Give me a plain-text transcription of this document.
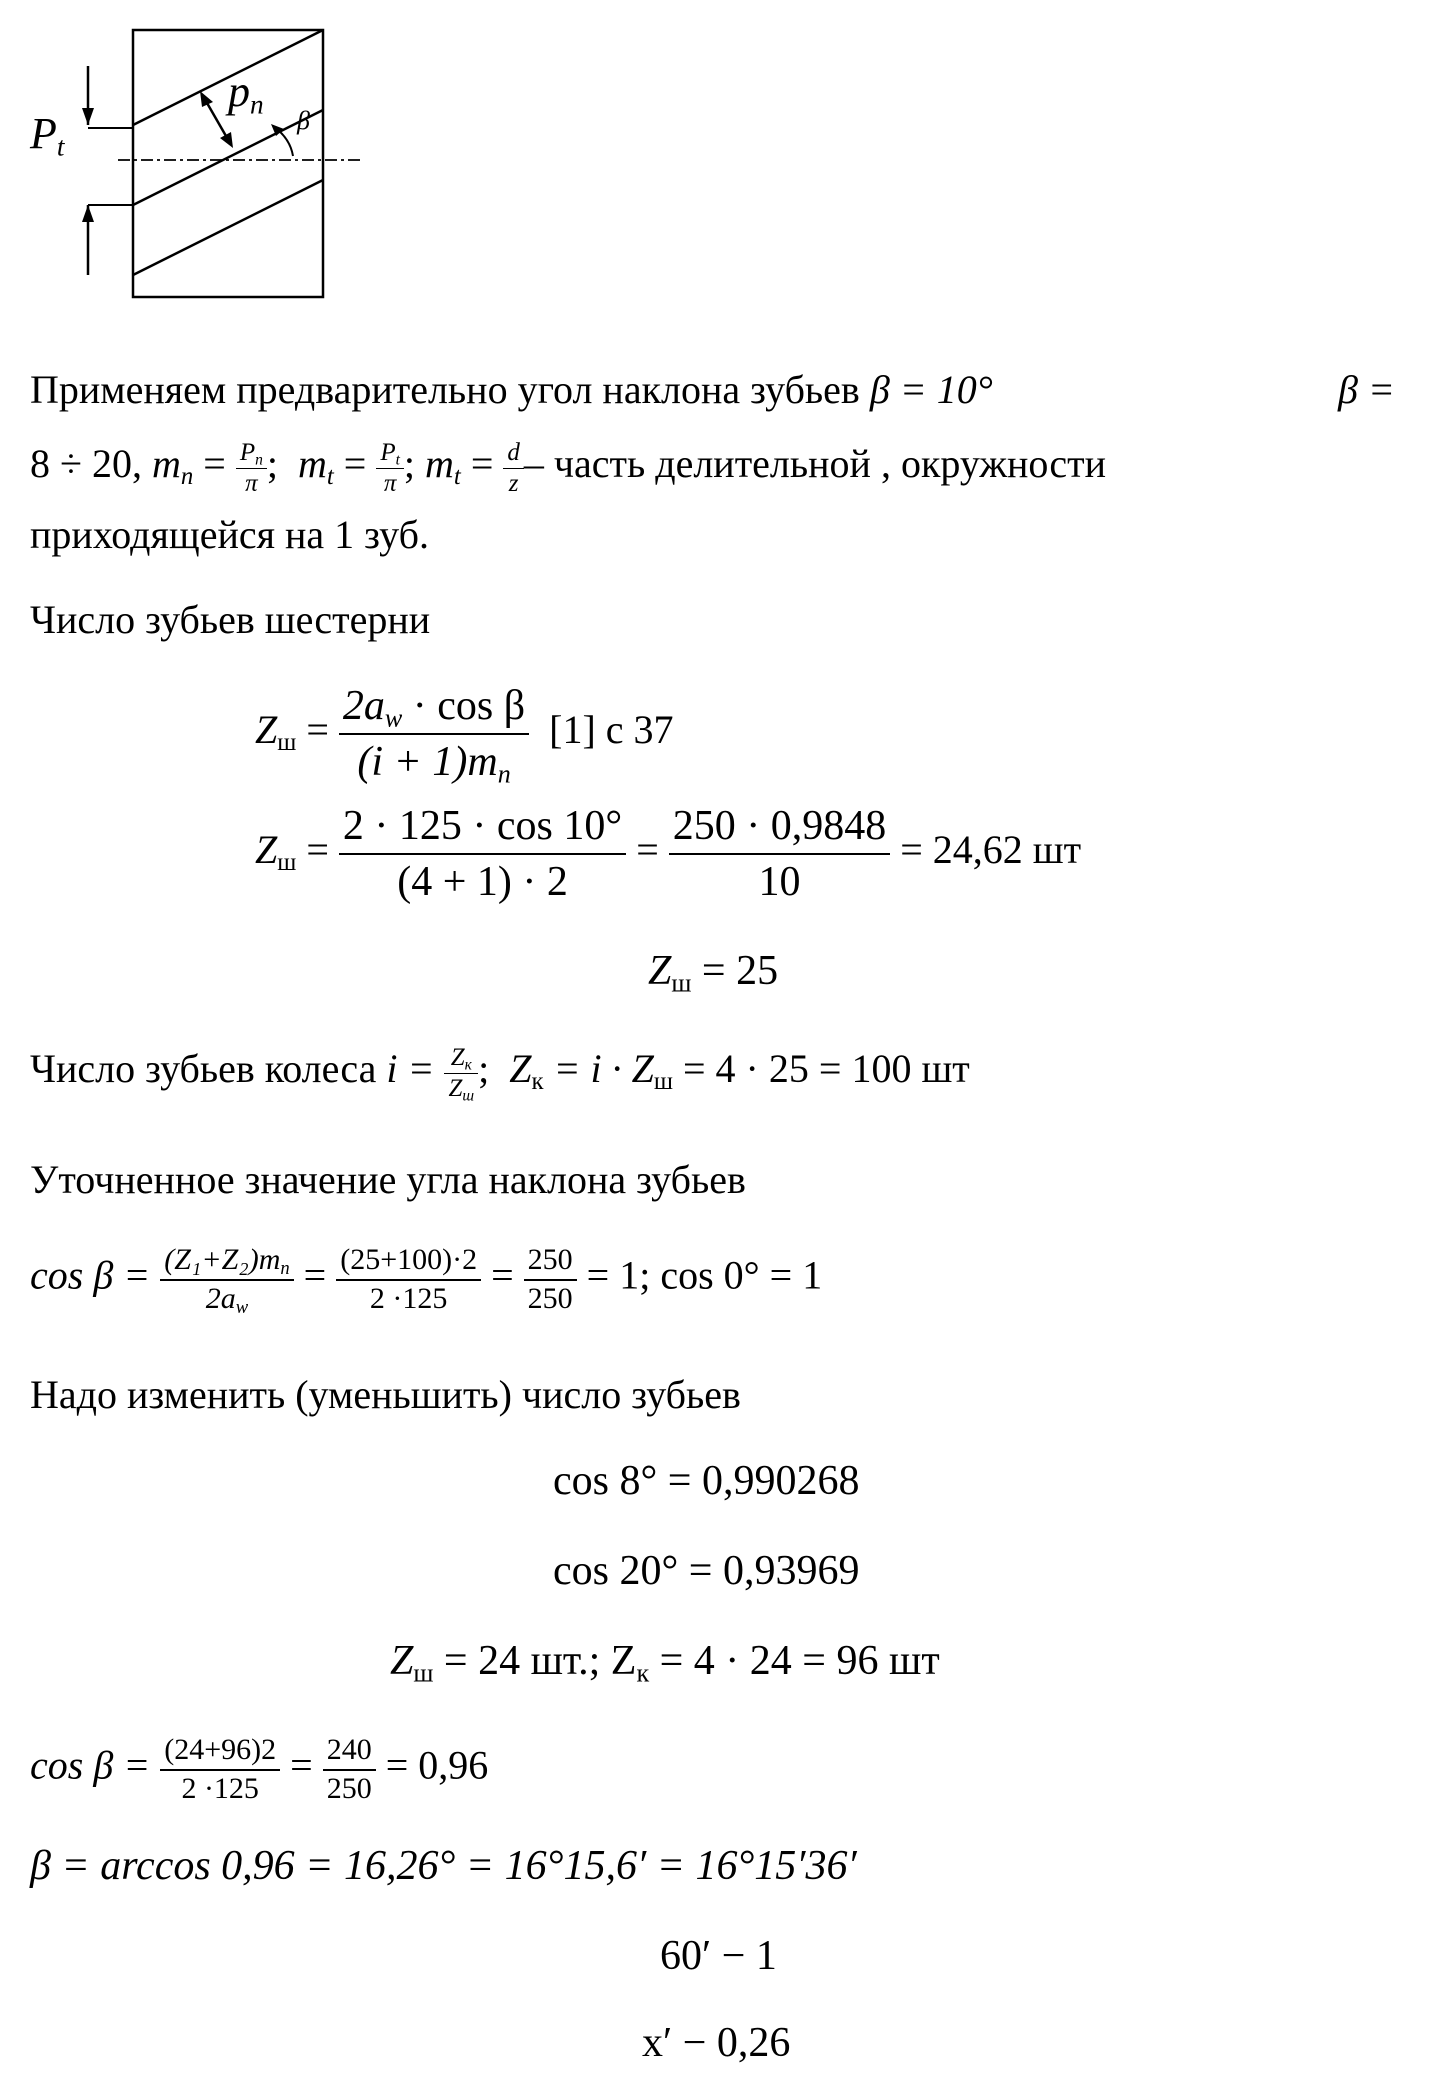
$P_t$
$p_n$
β
Применяем предварительно угол наклона зубьев β = 10°	β =
8 ÷ 20, $m_n = \frac{P_n}{\pi}$ ;  $m_t = \frac{P_t}{\pi}$ ; $m_t = \frac{d}{z}$ – часть делительной , окружности
приходящейся на 1 зуб.
Число зубьев шестерни
$Z_ш = \frac{2a_w \cdot \cos \beta}{(i + 1)m_n} [1]$ с 37
$Z_ш = \frac{2 \cdot 125 \cdot \cos 10^\circ}{(4 + 1) \cdot 2} = \frac{250 \cdot 0,9848}{10} = 24,62$ шт
$Z_ш = 25$
Число зубьев колеса $i = \frac{Z_к}{Z_ш}$ ;  $Z_к = i \cdot Z_ш = 4 \cdot 25 = 100$ шт
Уточненное значение угла наклона зубьев
$\cos \beta = \frac{(Z_1+Z_2)m_n}{2a_w} = \frac{(25+100)\cdot 2}{2 \cdot 125} = \frac{250}{250} = 1$; cos 0° = 1
Надо изменить (уменьшить) число зубьев
cos 8° = 0,990268
cos 20° = 0,93969
$Z_ш = 24$ шт.; $Z_к = 4 \cdot 24 = 96$ шт
$\cos \beta = \frac{(24+96)2}{2 \cdot 125} = \frac{240}{250} = 0,96$
β = arccos 0,96 = 16,26° = 16°15,6′ = 16°15′36′
60′ − 1
x′ − 0,26
